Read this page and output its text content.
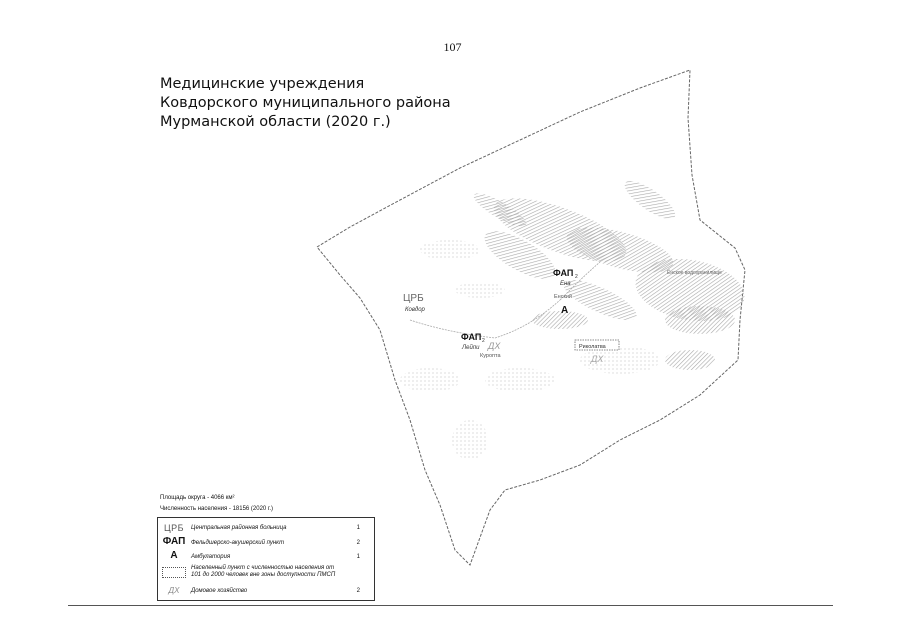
107
Медицинские учреждения
Ковдорского муниципального района
Мурманской области (2020 г.)
ЦРБ
Ковдор
ФАП 2
Лейпи ДХ
Куропта
ФАП 2
Ена
Енский
А
Ёнское водохранилище
Риколатва
ДХ
Площадь округа - 4066 км²
Численность населения - 18156 (2020 г.)
ЦРБ	Центральная районная больница	1
ФАП Фельдшерско-акушерский пункт	2
А	Амбулатория	1
Населенный пункт с численностью населения от
101 до 2000 человек вне зоны доступности ПМСП
ДХ	Домовое хозяйство	2
